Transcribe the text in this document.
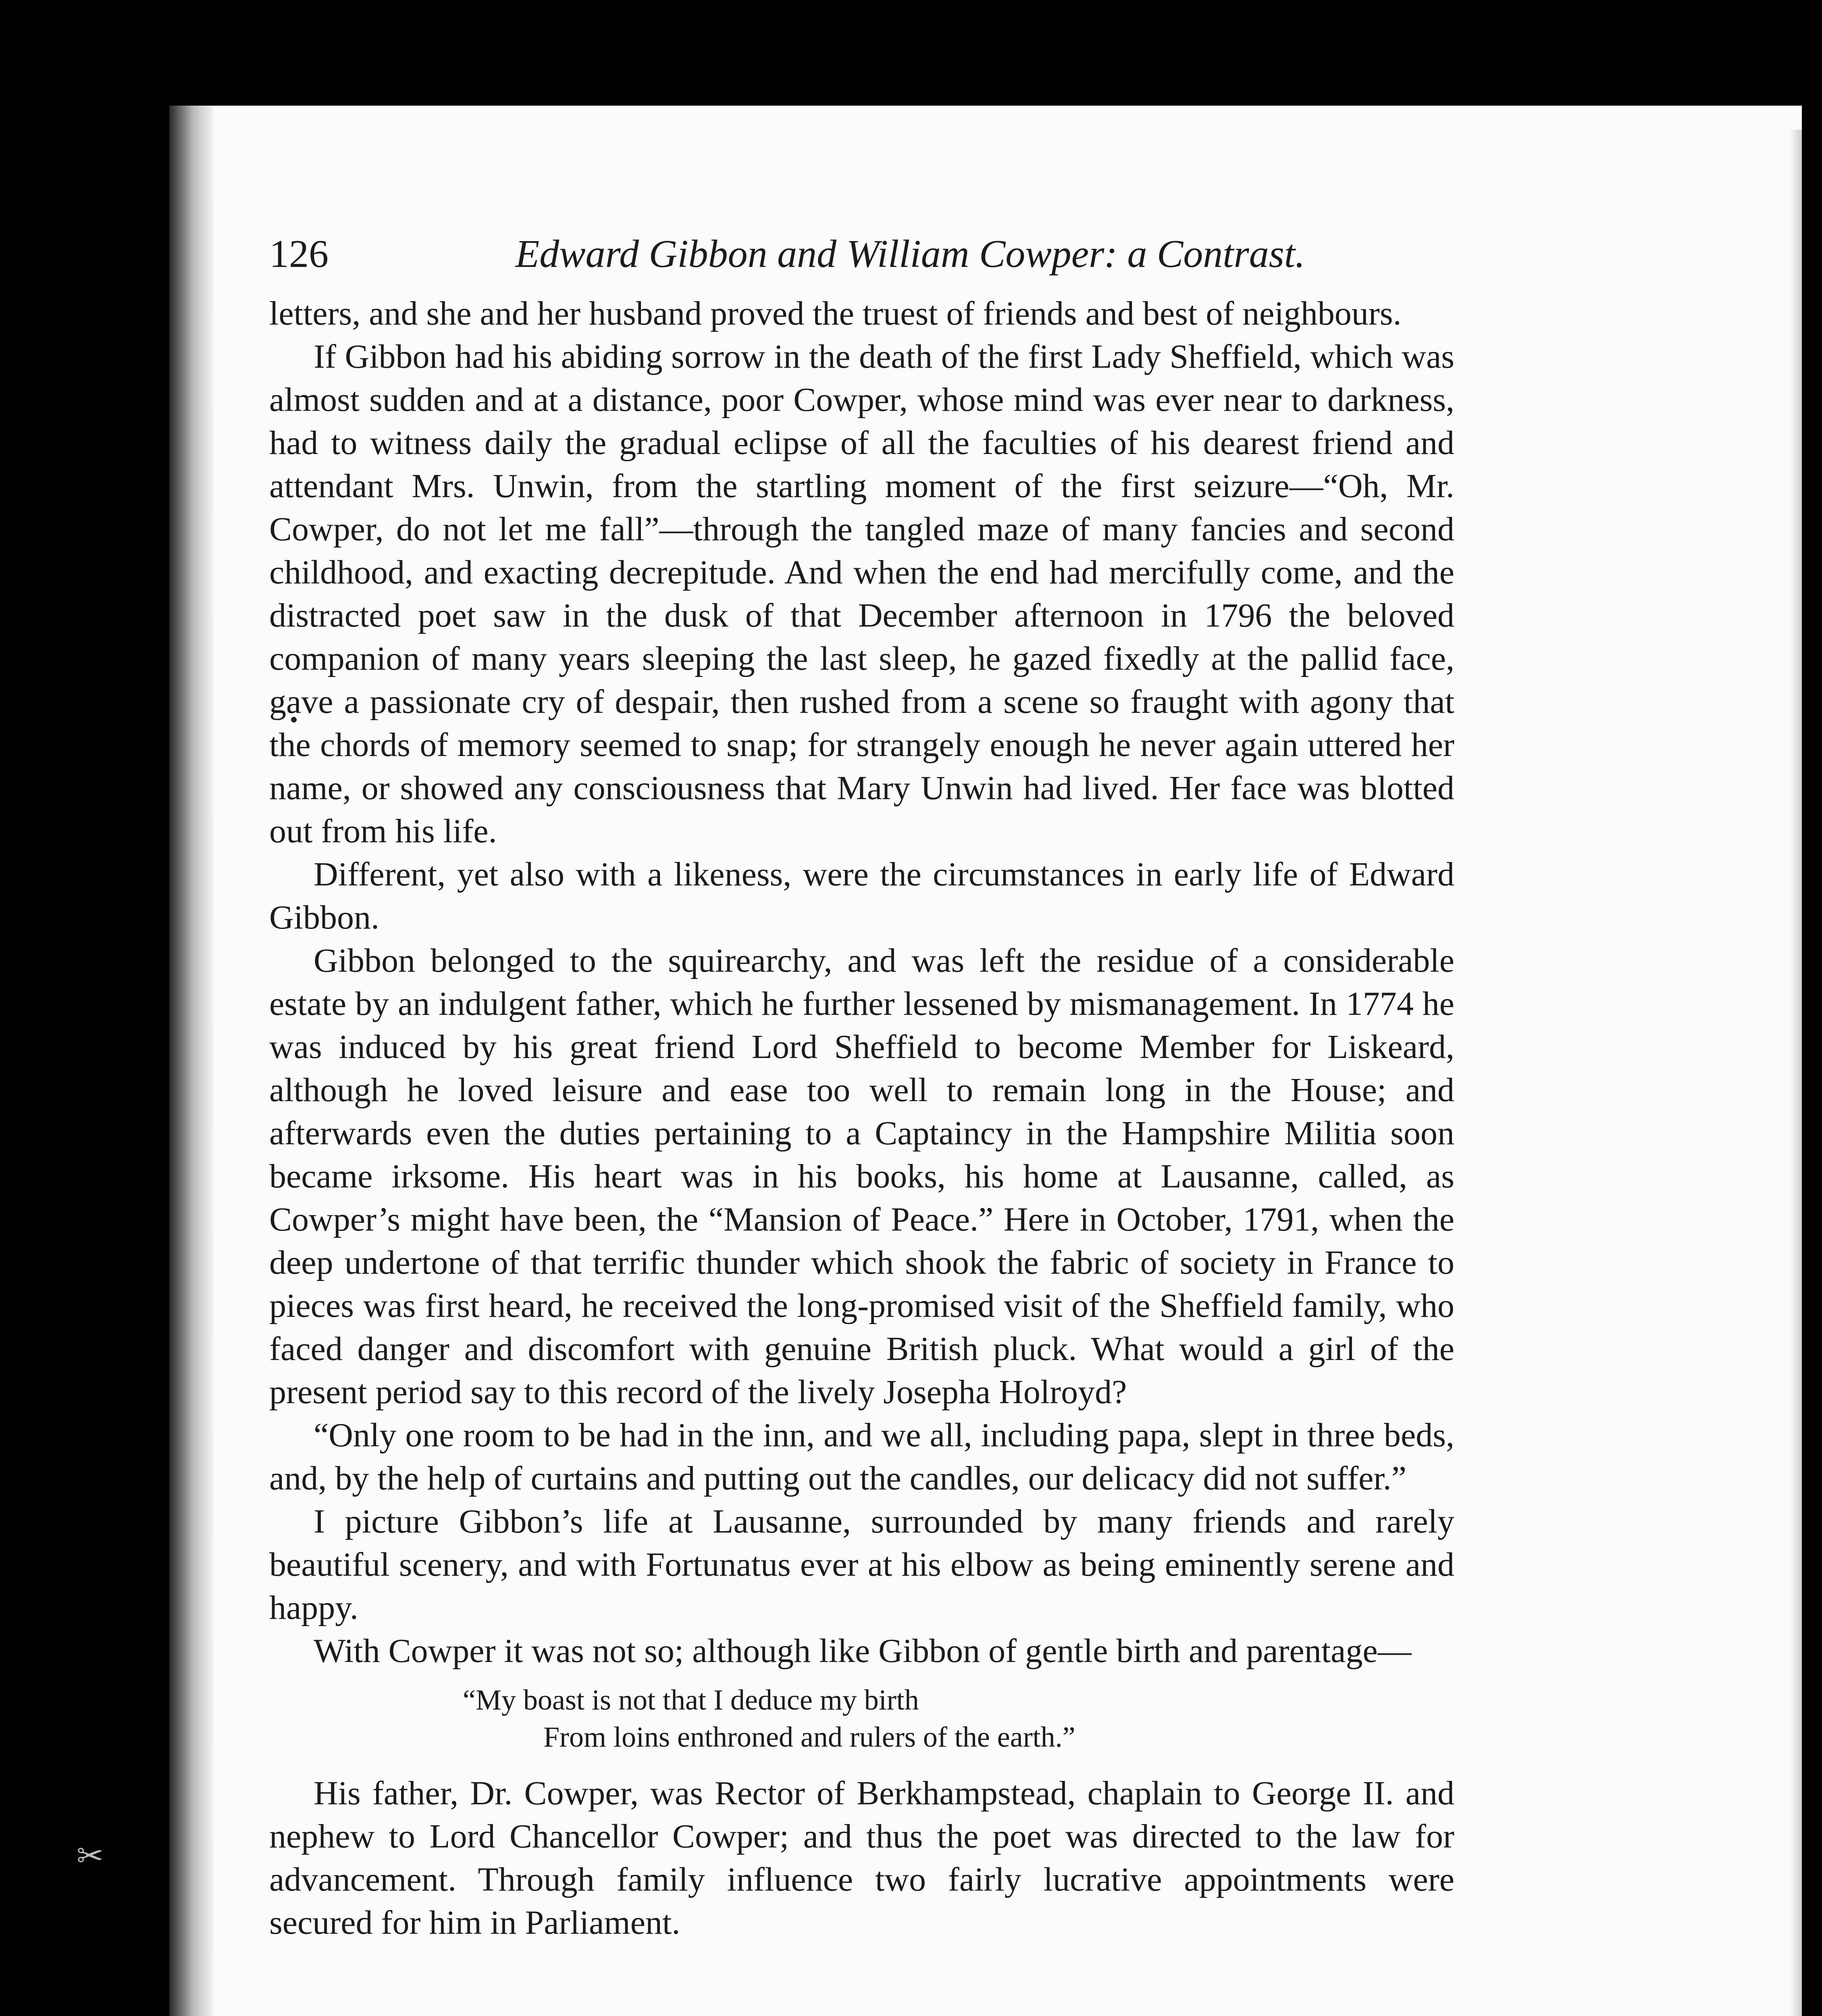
✂
126	Edward Gibbon and William Cowper: a Contrast.

letters, and she and her husband proved the truest of friends and best of neighbours.

If Gibbon had his abiding sorrow in the death of the first Lady Sheffield, which was almost sudden and at a distance, poor Cowper, whose mind was ever near to darkness, had to witness daily the gradual eclipse of all the faculties of his dearest friend and attendant Mrs. Unwin, from the startling moment of the first seizure—“Oh, Mr. Cowper, do not let me fall”—through the tangled maze of many fancies and second childhood, and exacting decrepitude. And when the end had mercifully come, and the distracted poet saw in the dusk of that December afternoon in 1796 the beloved companion of many years sleeping the last sleep, he gazed fixedly at the pallid face, gave a passionate cry of despair, then rushed from a scene so fraught with agony that the chords of memory seemed to snap; for strangely enough he never again uttered her name, or showed any consciousness that Mary Unwin had lived. Her face was blotted out from his life.

Different, yet also with a likeness, were the circumstances in early life of Edward Gibbon.

Gibbon belonged to the squirearchy, and was left the residue of a considerable estate by an indulgent father, which he further lessened by mismanagement. In 1774 he was induced by his great friend Lord Sheffield to become Member for Liskeard, although he loved leisure and ease too well to remain long in the House; and afterwards even the duties pertaining to a Captaincy in the Hampshire Militia soon became irksome. His heart was in his books, his home at Lausanne, called, as Cowper’s might have been, the “Mansion of Peace.” Here in October, 1791, when the deep undertone of that terrific thunder which shook the fabric of society in France to pieces was first heard, he received the long-promised visit of the Sheffield family, who faced danger and discomfort with genuine British pluck. What would a girl of the present period say to this record of the lively Josepha Holroyd?

“Only one room to be had in the inn, and we all, including papa, slept in three beds, and, by the help of curtains and putting out the candles, our delicacy did not suffer.”

I picture Gibbon’s life at Lausanne, surrounded by many friends and rarely beautiful scenery, and with Fortunatus ever at his elbow as being eminently serene and happy.

With Cowper it was not so; although like Gibbon of gentle birth and parentage—

“My boast is not that I deduce my birth
From loins enthroned and rulers of the earth.”

His father, Dr. Cowper, was Rector of Berkhampstead, chaplain to George II. and nephew to Lord Chancellor Cowper; and thus the poet was directed to the law for advancement. Through family influence two fairly lucrative appointments were secured for him in Parliament.
